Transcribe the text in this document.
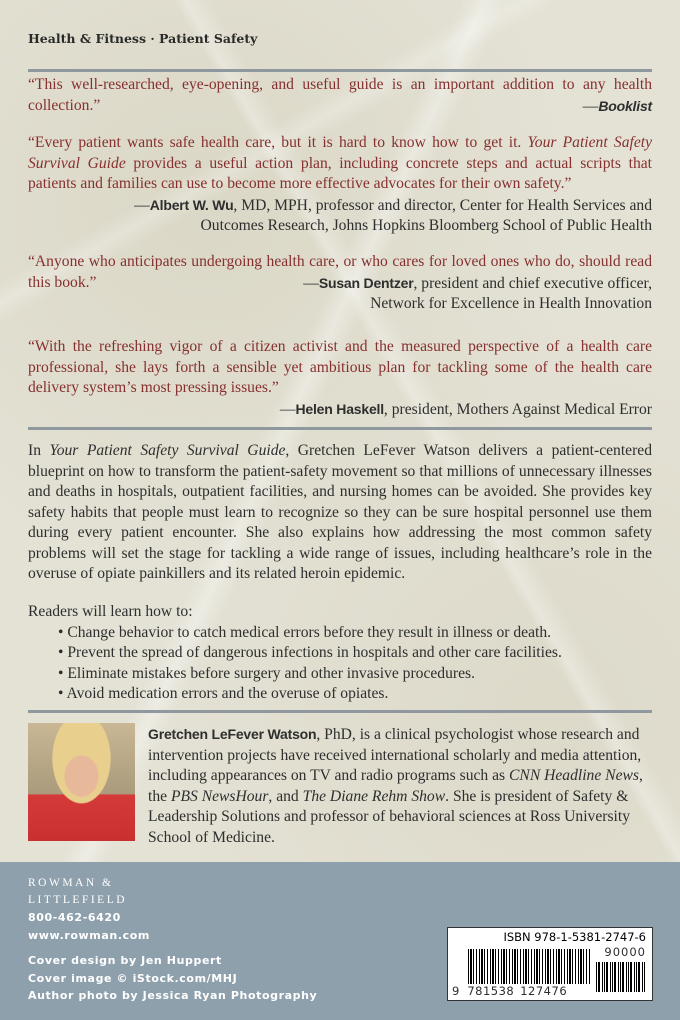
Health & Fitness · Patient Safety
“This well-researched, eye-opening, and useful guide is an important addition to any health collection.”	—Booklist
“Every patient wants safe health care, but it is hard to know how to get it. Your Patient Safety Survival Guide provides a useful action plan, including concrete steps and actual scripts that patients and families can use to become more effective advocates for their own safety.”
—Albert W. Wu, MD, MPH, professor and director, Center for Health Services and
Outcomes Research, Johns Hopkins Bloomberg School of Public Health
“Anyone who anticipates undergoing health care, or who cares for loved ones who do, should read this book.”	—Susan Dentzer, president and chief executive officer,
Network for Excellence in Health Innovation
“With the refreshing vigor of a citizen activist and the measured perspective of a health care professional, she lays forth a sensible yet ambitious plan for tackling some of the health care delivery system’s most pressing issues.”
—Helen Haskell, president, Mothers Against Medical Error
In Your Patient Safety Survival Guide, Gretchen LeFever Watson delivers a patient-centered blueprint on how to transform the patient-safety movement so that millions of unnecessary illnesses and deaths in hospitals, outpatient facilities, and nursing homes can be avoided. She provides key safety habits that people must learn to recognize so they can be sure hospital personnel use them during every patient encounter. She also explains how addressing the most common safety problems will set the stage for tackling a wide range of issues, including healthcare’s role in the overuse of opiate painkillers and its related heroin epidemic.
Readers will learn how to:
• Change behavior to catch medical errors before they result in illness or death.
• Prevent the spread of dangerous infections in hospitals and other care facilities.
• Eliminate mistakes before surgery and other invasive procedures.
• Avoid medication errors and the overuse of opiates.
Gretchen LeFever Watson, PhD, is a clinical psychologist whose research and intervention projects have received international scholarly and media attention, including appearances on TV and radio programs such as CNN Headline News, the PBS NewsHour, and The Diane Rehm Show. She is president of Safety & Leadership Solutions and professor of behavioral sciences at Ross University School of Medicine.
ROWMAN &
LITTLEFIELD
800-462-6420
www.rowman.com
Cover design by Jen Huppert
Cover image © iStock.com/MHJ
Author photo by Jessica Ryan Photography
ISBN 978-1-5381-2747-6
90000
9 781538 127476
